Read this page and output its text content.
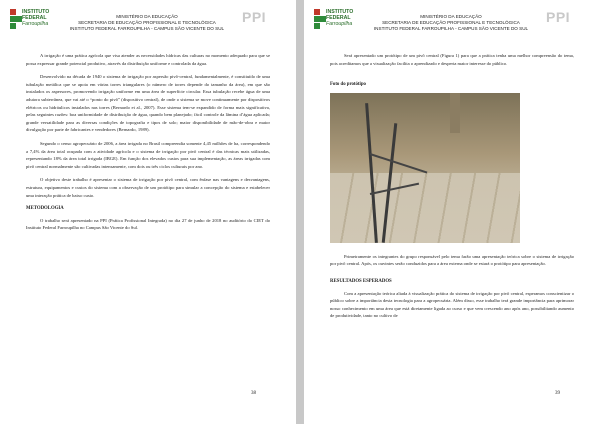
INSTITUTO
FEDERAL
Farroupilha
MINISTÉRIO DA EDUCAÇÃO
SECRETARIA DE EDUCAÇÃO PROFISSIONAL E TECNOLÓGICA
INSTITUTO FEDERAL FARROUPILHA - CAMPUS SÃO VICENTE DO SUL
PPI

A irrigação é uma prática agrícola que visa atender as necessidades hídricas das culturas no momento adequado para que se possa expressar grande potencial produtivo, através da distribuição uniforme e controlada da água.

Desenvolvido na década de 1940 o sistema de irrigação por aspersão pivô-central, fundamentalmente, é constituído de uma tubulação metálica que se apoia em várias torres triangulares (o número de torres depende do tamanho da área), em que são instalados os aspersores, promovendo irrigação uniforme em uma área de superfície circular. Essa tubulação recebe água de uma adutora subterrânea, que vai até o “ponto do pivô” (dispositivo central), de onde o sistema se move continuamente por dispositivos elétricos ou hidráulicos instalados nas torres (Bernardo et al., 2007). Esse sistema tem-se expandido de forma mais significativa, pelas seguintes razões: boa uniformidade de distribuição de água, quando bem planejado; fácil controle da lâmina d’água aplicada; grande versatilidade para as diversas condições de topografia e tipos de solo; maior disponibilidade de mão-de-obra e maior divulgação por parte de fabricantes e vendedores (Bernardo, 1989).

Segundo o censo agropecuário de 2006, a área irrigada no Brasil compreendia somente 4,45 milhões de ha, correspondendo a 7,4% da área total ocupada com a atividade agrícola e o sistema de irrigação por pivô central é das técnicas mais utilizadas, representando 18% da área total irrigada (IBGE). Em função dos elevados custos para sua implementação, as áreas irrigadas com pivô central normalmente são cultivadas intensamente, com dois ou três ciclos culturais por ano.

O objetivo deste trabalho é apresentar o sistema de irrigação por pivô central, com ênfase nas vantagens e desvantagens, estrutura, equipamentos e custos do sistema com a observação de um protótipo para simular a concepção do sistema e estabelecer uma interação prática de baixo custo.

METODOLOGIA

O trabalho será apresentado na PPI (Prática Profissional Integrada) no dia 27 de junho de 2018 no auditório do CIET do Instituto Federal Farroupilha no Campus São Vicente do Sul.

38
INSTITUTO
FEDERAL
Farroupilha
MINISTÉRIO DA EDUCAÇÃO
SECRETARIA DE EDUCAÇÃO PROFISSIONAL E TECNOLÓGICA
INSTITUTO FEDERAL FARROUPILHA - CAMPUS SÃO VICENTE DO SUL
PPI

Será apresentado um protótipo de um pivô central (Figura 1) para que a prática tenha uma melhor compreensão do tema, pois acreditamos que a visualização facilita o aprendizado e desperta maior interesse do público.

Foto do protótipo

Primeiramente os integrantes do grupo responsável pelo tema farão uma apresentação teórica sobre o sistema de irrigação por pivô central. Após, os ouvintes serão conduzidos para a área externa onde se estará o protótipo para apresentação.

RESULTADOS ESPERADOS

Com a apresentação teórica aliada à visualização prática do sistema de irrigação por pivô central, esperamos conscientizar o público sobre a importância desta tecnologia para a agropecuária. Além disso, esse trabalho terá grande importância para aprimorar nosso conhecimento em uma área que está diretamente ligada ao curso e que vem crescendo ano após ano, possibilitando aumento de produtividade, tanto no cultivo de

39
